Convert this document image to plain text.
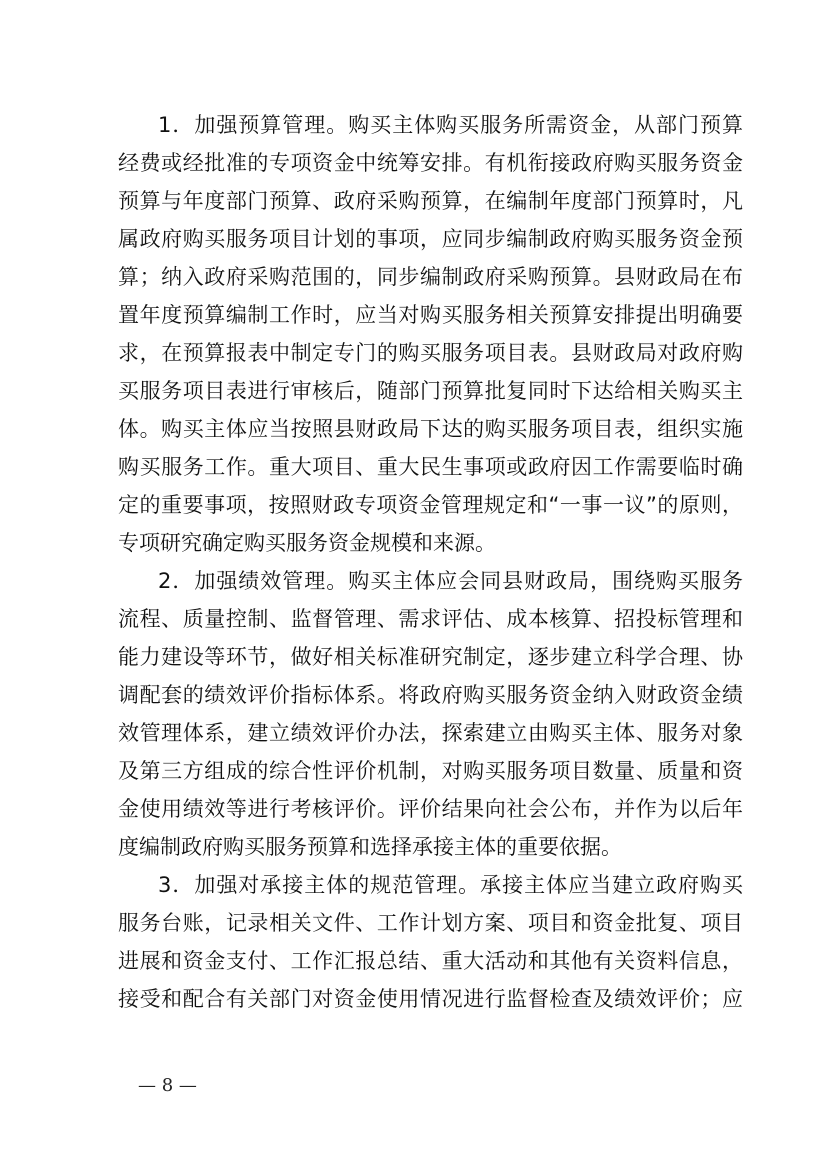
1．加强预算管理。购买主体购买服务所需资金，从部门预算
经费或经批准的专项资金中统筹安排。有机衔接政府购买服务资金
预算与年度部门预算、政府采购预算，在编制年度部门预算时，凡
属政府购买服务项目计划的事项，应同步编制政府购买服务资金预
算；纳入政府采购范围的，同步编制政府采购预算。县财政局在布
置年度预算编制工作时，应当对购买服务相关预算安排提出明确要
求，在预算报表中制定专门的购买服务项目表。县财政局对政府购
买服务项目表进行审核后，随部门预算批复同时下达给相关购买主
体。购买主体应当按照县财政局下达的购买服务项目表，组织实施
购买服务工作。重大项目、重大民生事项或政府因工作需要临时确
定的重要事项，按照财政专项资金管理规定和“一事一议”的原则，
专项研究确定购买服务资金规模和来源。
2．加强绩效管理。购买主体应会同县财政局，围绕购买服务
流程、质量控制、监督管理、需求评估、成本核算、招投标管理和
能力建设等环节，做好相关标准研究制定，逐步建立科学合理、协
调配套的绩效评价指标体系。将政府购买服务资金纳入财政资金绩
效管理体系，建立绩效评价办法，探索建立由购买主体、服务对象
及第三方组成的综合性评价机制，对购买服务项目数量、质量和资
金使用绩效等进行考核评价。评价结果向社会公布，并作为以后年
度编制政府购买服务预算和选择承接主体的重要依据。
3．加强对承接主体的规范管理。承接主体应当建立政府购买
服务台账，记录相关文件、工作计划方案、项目和资金批复、项目
进展和资金支付、工作汇报总结、重大活动和其他有关资料信息，
接受和配合有关部门对资金使用情况进行监督检查及绩效评价；应
— 8 —
